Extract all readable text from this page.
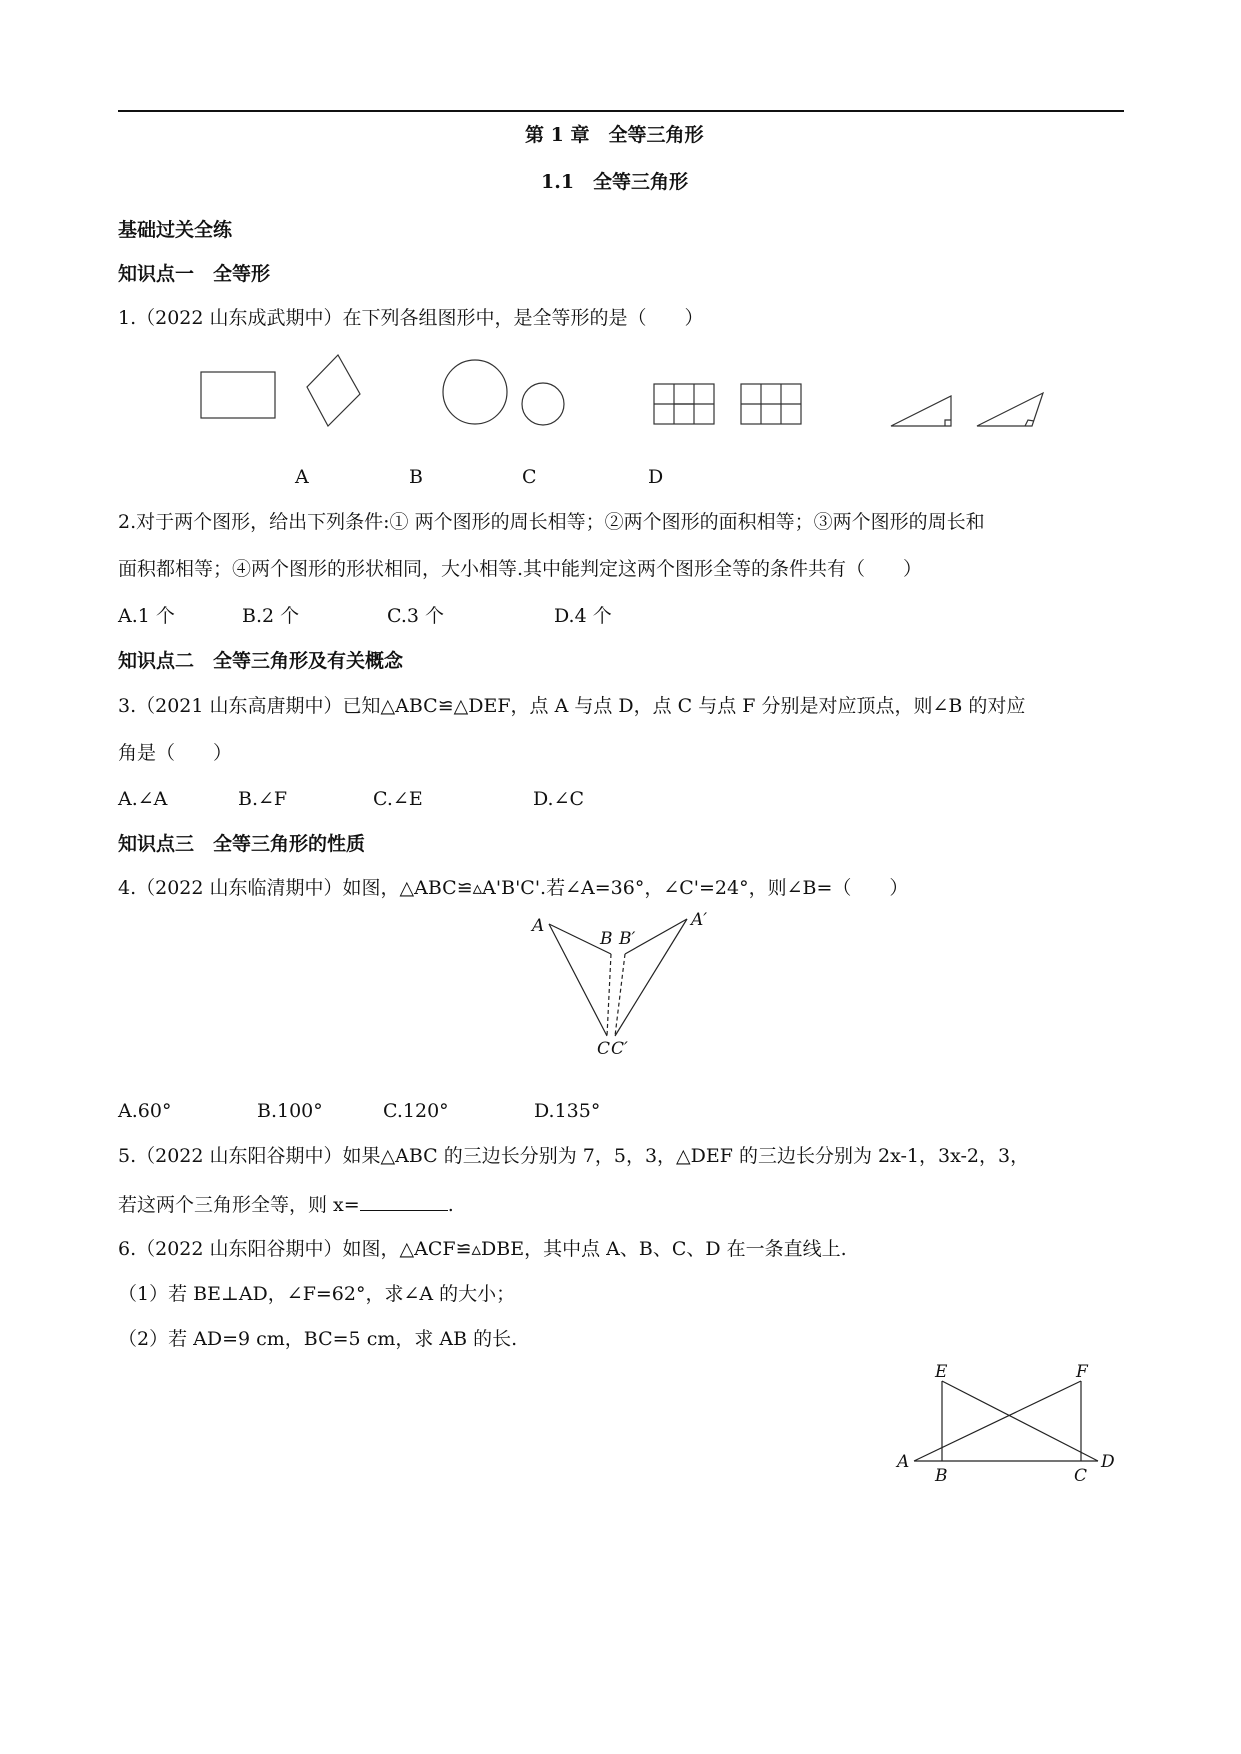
第 1 章　全等三角形
1.1　全等三角形
基础过关全练
知识点一　全等形
1.（2022 山东成武期中）在下列各组图形中，是全等形的是（　　）
A	B	C	D
2.对于两个图形，给出下列条件:① 两个图形的周长相等；②两个图形的面积相等；③两个图形的周长和
面积都相等；④两个图形的形状相同，大小相等.其中能判定这两个图形全等的条件共有（　　）
A.1 个	B.2 个	C.3 个	D.4 个
知识点二　全等三角形及有关概念
3.（2021 山东高唐期中）已知△ABC≌△DEF，点 A 与点 D，点 C 与点 F 分别是对应顶点，则∠B 的对应
角是（　　）
A.∠A	B.∠F	C.∠E	D.∠C
知识点三　全等三角形的性质
4.（2022 山东临清期中）如图，△ABC≌▵A'B'C'.若∠A=36°，∠C'=24°，则∠B=（　　）
A
B B′
A′
C C′
A.60°	B.100°	C.120°	D.135°
5.（2022 山东阳谷期中）如果△ABC 的三边长分别为 7，5，3，△DEF 的三边长分别为 2x-1，3x-2，3，
若这两个三角形全等，则 x=	.
6.（2022 山东阳谷期中）如图，△ACF≌▵DBE，其中点 A、B、C、D 在一条直线上.
（1）若 BE⊥AD，∠F=62°，求∠A 的大小；
（2）若 AD=9 cm，BC=5 cm，求 AB 的长.
E	F
A
B	C
D
